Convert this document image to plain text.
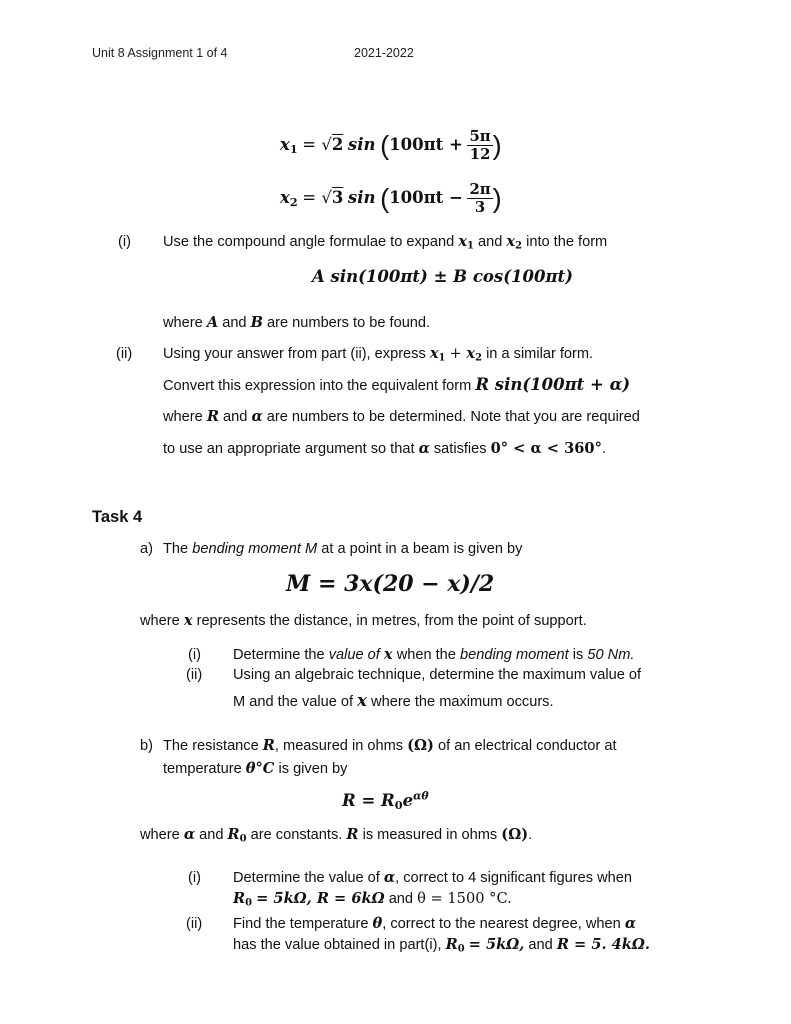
Unit 8 Assignment 1 of 4	2021-2022
$x_1 = √2$ $\sin (100\pi t + \frac{5\pi}{12}$ )
$x_2 = √3$ $\sin (100\pi t - \frac{2\pi}{3}$ )
(i) Use the compound angle formulae to expand $x_1$ and $x_2$ into the form
A sin(100πt) ± B cos(100πt)
where A and B are numbers to be found.
(ii) Using your answer from part (ii), express $x_1 + x_2$ in a similar form.
Convert this expression into the equivalent form R sin(100πt + α)
where R and α are numbers to be determined. Note that you are required
to use an appropriate argument so that α satisfies 0° < α < 360°.
Task 4
a) The bending moment M at a point in a beam is given by
M = 3x(20 − x)/2
where x represents the distance, in metres, from the point of support.
(i) Determine the value of x when the bending moment is 50 Nm.
(ii) Using an algebraic technique, determine the maximum value of
M and the value of x where the maximum occurs.
b) The resistance R, measured in ohms (Ω) of an electrical conductor at
temperature θ°C is given by
$R = R_0e^{\alpha\theta}$
where α and $R_0$ are constants. R is measured in ohms (Ω).
(i) Determine the value of α, correct to 4 significant figures when
$R_0 = 5k\Omega$, R = 6kΩ and θ = 1500 °C.
(ii) Find the temperature θ, correct to the nearest degree, when α
has the value obtained in part(i), $R_0 = 5k\Omega$, and R = 5. 4kΩ.
